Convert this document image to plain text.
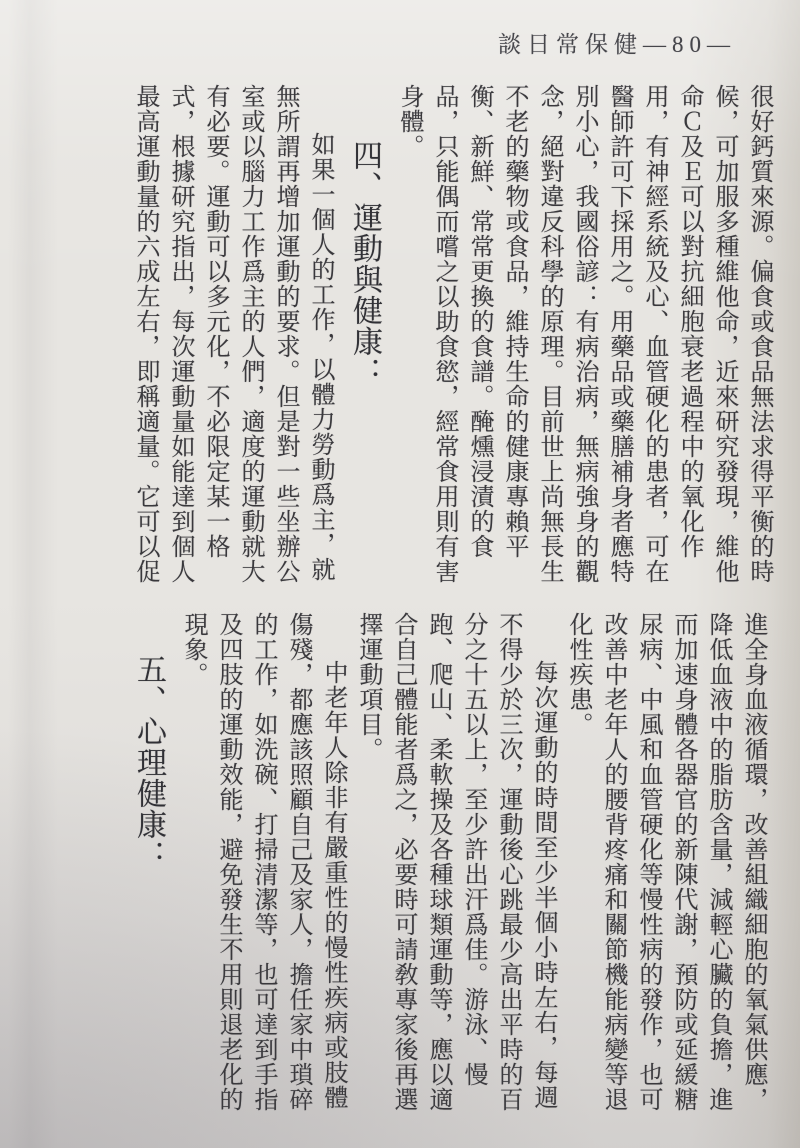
談日常保健—80—

很好鈣質來源。偏食或食品無法求得平衡的時候，可加服多種維他命，近來研究發現，維他命Ｃ及Ｅ可以對抗細胞衰老過程中的氧化作用，有神經系統及心、血管硬化的患者，可在醫師許可下採用之。用藥品或藥膳補身者應特別小心，我國俗諺：有病治病，無病強身的觀念，絕對違反科學的原理。目前世上尚無長生不老的藥物或食品，維持生命的健康專賴平衡、新鮮、常常更換的食譜。醃燻浸漬的食品，只能偶而嚐之以助食慾，經常食用則有害身體。

四、運動與健康：

如果一個人的工作，以體力勞動爲主，就無所謂再增加運動的要求。但是對一些坐辦公室或以腦力工作爲主的人們，適度的運動就大有必要。運動可以多元化，不必限定某一格式，根據研究指出，每次運動量如能達到個人最高運動量的六成左右，即稱適量。它可以促

進全身血液循環，改善組織細胞的氧氣供應，降低血液中的脂肪含量，減輕心臟的負擔，進而加速身體各器官的新陳代謝，預防或延緩糖尿病、中風和血管硬化等慢性病的發作，也可改善中老年人的腰背疼痛和關節機能病變等退化性疾患。

每次運動的時間至少半個小時左右，每週不得少於三次，運動後心跳最少高出平時的百分之十五以上，至少許出汗爲佳。游泳、慢跑、爬山、柔軟操及各種球類運動等，應以適合自己體能者爲之，必要時可請敎專家後再選擇運動項目。

中老年人除非有嚴重性的慢性疾病或肢體傷殘，都應該照顧自己及家人，擔任家中瑣碎的工作，如洗碗、打掃清潔等，也可達到手指及四肢的運動效能，避免發生不用則退老化的現象。

五、心理健康：
